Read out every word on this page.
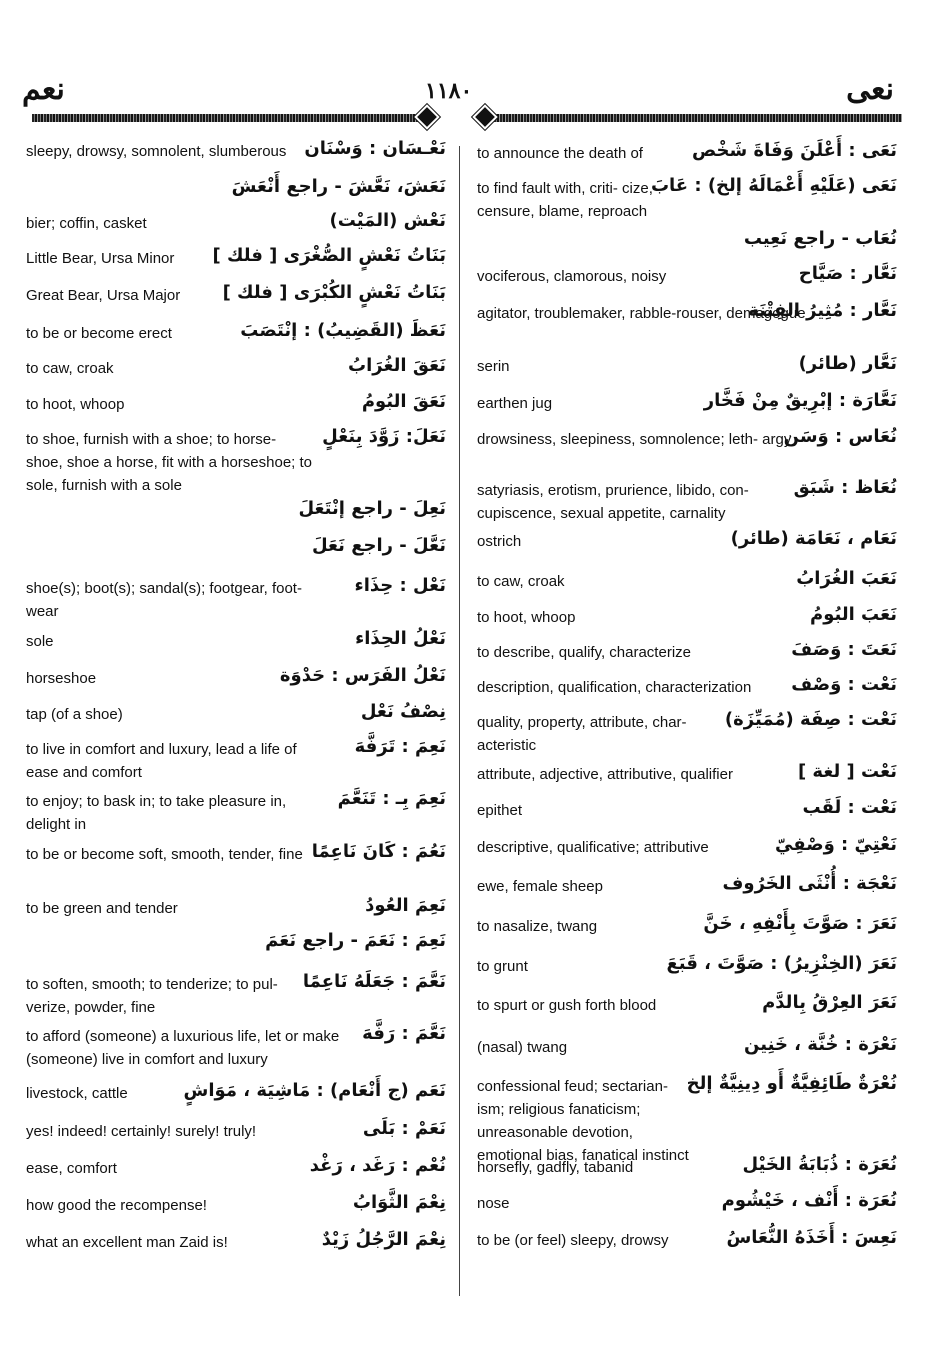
نعم	١١٨٠	نعى
sleepy, drowsy, somnolent, slumberous نَعْـسَان : وَسْنَان
نَعَشَ، نَعَّشَ - راجع أَنْعَشَ
bier; coffin, casket	نَعْش (المَيْت)
Little Bear, Ursa Minor بَنَاتُ نَعْشٍ الصُّغْرَى [ فلك ]
Great Bear, Ursa Major بَنَاتُ نَعْشٍ الكُبْرَى [ فلك ]
to be or become erect	نَعَظَ (القَضِيبُ) : إنْتَصَبَ
to caw, croak	نَعَقَ الغُرَابُ
to hoot, whoop	نَعَقَ البُومُ
to shoe, furnish with a shoe; to horse- shoe, shoe a horse, fit with a horseshoe; to sole, furnish with a sole
نَعَلَ: زَوَّدَ بِنَعْلٍ
نَعِلَ - راجع إنْتَعَلَ
نَعَّلَ - راجع نَعَلَ
shoe(s); boot(s); sandal(s); footgear, foot- wear
نَعْل : حِذَاء
sole	نَعْلُ الحِذَاء
horseshoe	نَعْلُ الفَرَس : حَدْوَة
tap (of a shoe)	نِصْفُ نَعْل
to live in comfort and luxury, lead a life of ease and comfort
نَعِمَ : تَرَفَّهَ
to enjoy; to bask in; to take pleasure in, delight in
نَعِمَ بِـ : تَنَعَّمَ
to be or become soft, smooth, tender, fine نَعُمَ : كَانَ نَاعِمًا
to be green and tender	نَعِمَ العُودُ
نَعِمَ : نَعَمَ - راجع نَعَمَ
to soften, smooth; to tenderize; to pul- verize, powder, fine
نَعَّمَ : جَعَلَهُ نَاعِمًا
to afford (someone) a luxurious life, let or make (someone) live in comfort and luxury
نَعَّمَ : رَفَّهَ
livestock, cattle	نَعَم (ج أَنْعَام) : مَاشِيَة ، مَوَاشٍ
yes! indeed! certainly! surely! truly!	نَعَمْ : بَلَى
ease, comfort	نُعْم : رَغَد ، رَغْد
how good the recompense!	نِعْمَ الثَّوَابُ
what an excellent man Zaid is!	نِعْمَ الرَّجُلُ زَيْدٌ
to announce the death of	نَعَى : أَعْلَنَ وَفَاةَ شَخْص
to find fault with, criti- cize, censure, blame, reproach
نَعَى (عَلَيْهِ أَعْمَالَهُ إلخ) : عَابَ
نُعَاب - راجع نَعِيب
vociferous, clamorous, noisy	نَعَّار : صَيَّاح
agitator, troublemaker, rabble-rouser, demagogue
نَعَّار : مُثِيرُ الفِتْنَة
serin	نَعَّار (طائر)
earthen jug	نَعَّارَة : إبْرِيقٌ مِنْ فَخَّار
drowsiness, sleepiness, somnolence; leth- argy
نُعَاس : وَسَن
satyriasis, erotism, prurience, libido, con- cupiscence, sexual appetite, carnality
نُعَاظ : شَبَق
ostrich	نَعَام ، نَعَامَة (طائر)
to caw, croak	نَعَبَ الغُرَابُ
to hoot, whoop	نَعَبَ البُومُ
to describe, qualify, characterize	نَعَتَ : وَصَفَ
description, qualification, characterization نَعْت : وَصْف
quality, property, attribute, char- acteristic
نَعْت : صِفَة (مُمَيِّزَة)
attribute, adjective, attributive, qualifier	نَعْت [ لغة ]
epithet	نَعْت : لَقَب
descriptive, qualificative; attributive	نَعْتِيّ : وَصْفِيّ
ewe, female sheep	نَعْجَة : أُنْثَى الخَرُوف
to nasalize, twang	نَعَرَ : صَوَّتَ بِأَنْفِهِ ، خَنَّ
to grunt	نَعَرَ (الخِنْزِيرُ) : صَوَّتَ ، قَبَعَ
to spurt or gush forth blood	نَعَرَ العِرْقُ بِالدَّم
(nasal) twang	نَعْرَة : خُنَّة ، خَنِين
confessional feud; sectarian- ism; religious fanaticism; unreasonable devotion, emotional bias, fanatical instinct
نُعْرَةٌ طَائِفِيَّةٌ أَو دِينِيَّةٌ إلخ
horsefly, gadfly, tabanid	نُعَرَة : ذُبَابَةُ الخَيْل
nose	نُعَرَة : أَنْف ، خَيْشُوم
to be (or feel) sleepy, drowsy	نَعِسَ : أَخَذَهُ النُّعَاسُ
